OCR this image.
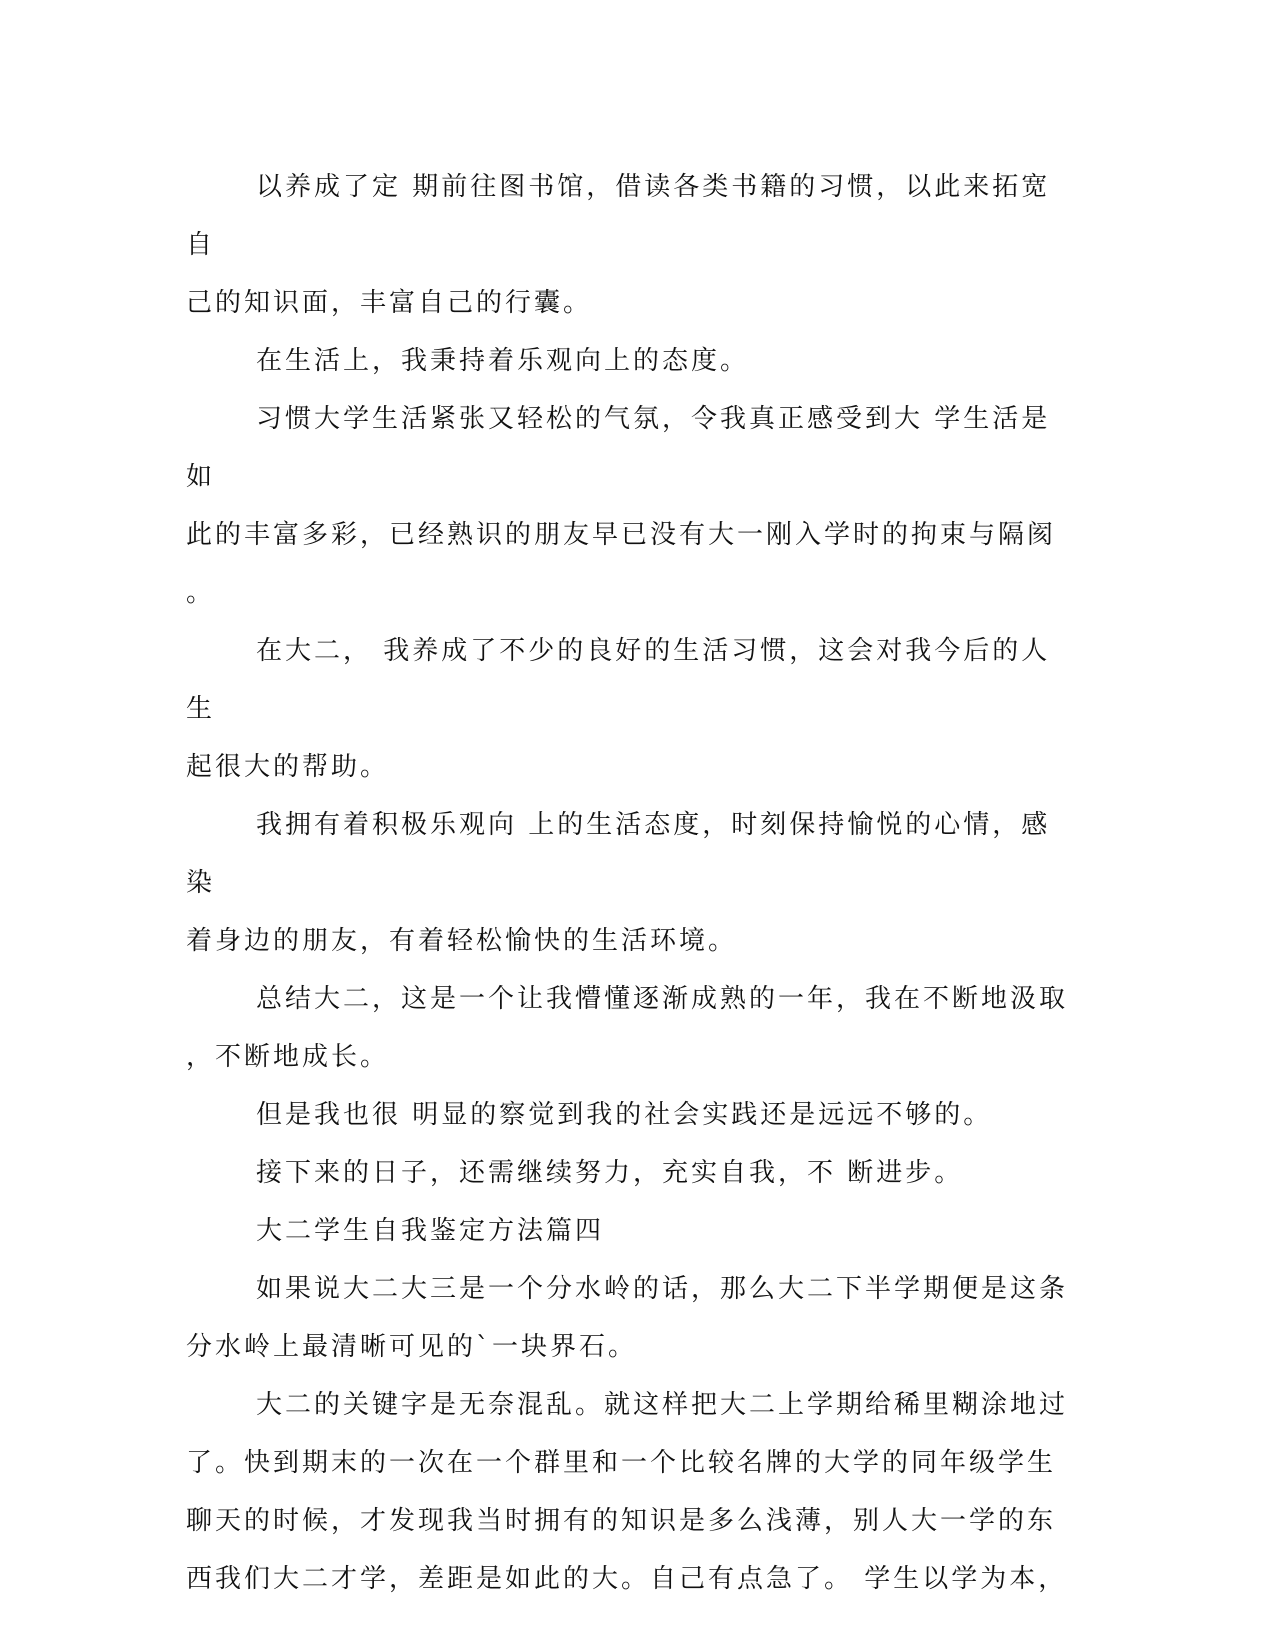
以养成了定 期前往图书馆，借读各类书籍的习惯，以此来拓宽自
己的知识面，丰富自己的行囊。

在生活上，我秉持着乐观向上的态度。

习惯大学生活紧张又轻松的气氛，令我真正感受到大 学生活是如
此的丰富多彩，已经熟识的朋友早已没有大一刚入学时的拘束与隔阂
。

在大二， 我养成了不少的良好的生活习惯，这会对我今后的人生
起很大的帮助。

我拥有着积极乐观向 上的生活态度，时刻保持愉悦的心情，感染
着身边的朋友，有着轻松愉快的生活环境。

总结大二，这是一个让我懵懂逐渐成熟的一年，我在不断地汲取
，不断地成长。

但是我也很 明显的察觉到我的社会实践还是远远不够的。

接下来的日子，还需继续努力，充实自我，不 断进步。

大二学生自我鉴定方法篇四

如果说大二大三是一个分水岭的话，那么大二下半学期便是这条
分水岭上最清晰可见的`一块界石。

大二的关键字是无奈混乱。就这样把大二上学期给稀里糊涂地过
了。快到期末的一次在一个群里和一个比较名牌的大学的同年级学生
聊天的时候，才发现我当时拥有的知识是多么浅薄，别人大一学的东
西我们大二才学，差距是如此的大。自己有点急了。 学生以学为本，
